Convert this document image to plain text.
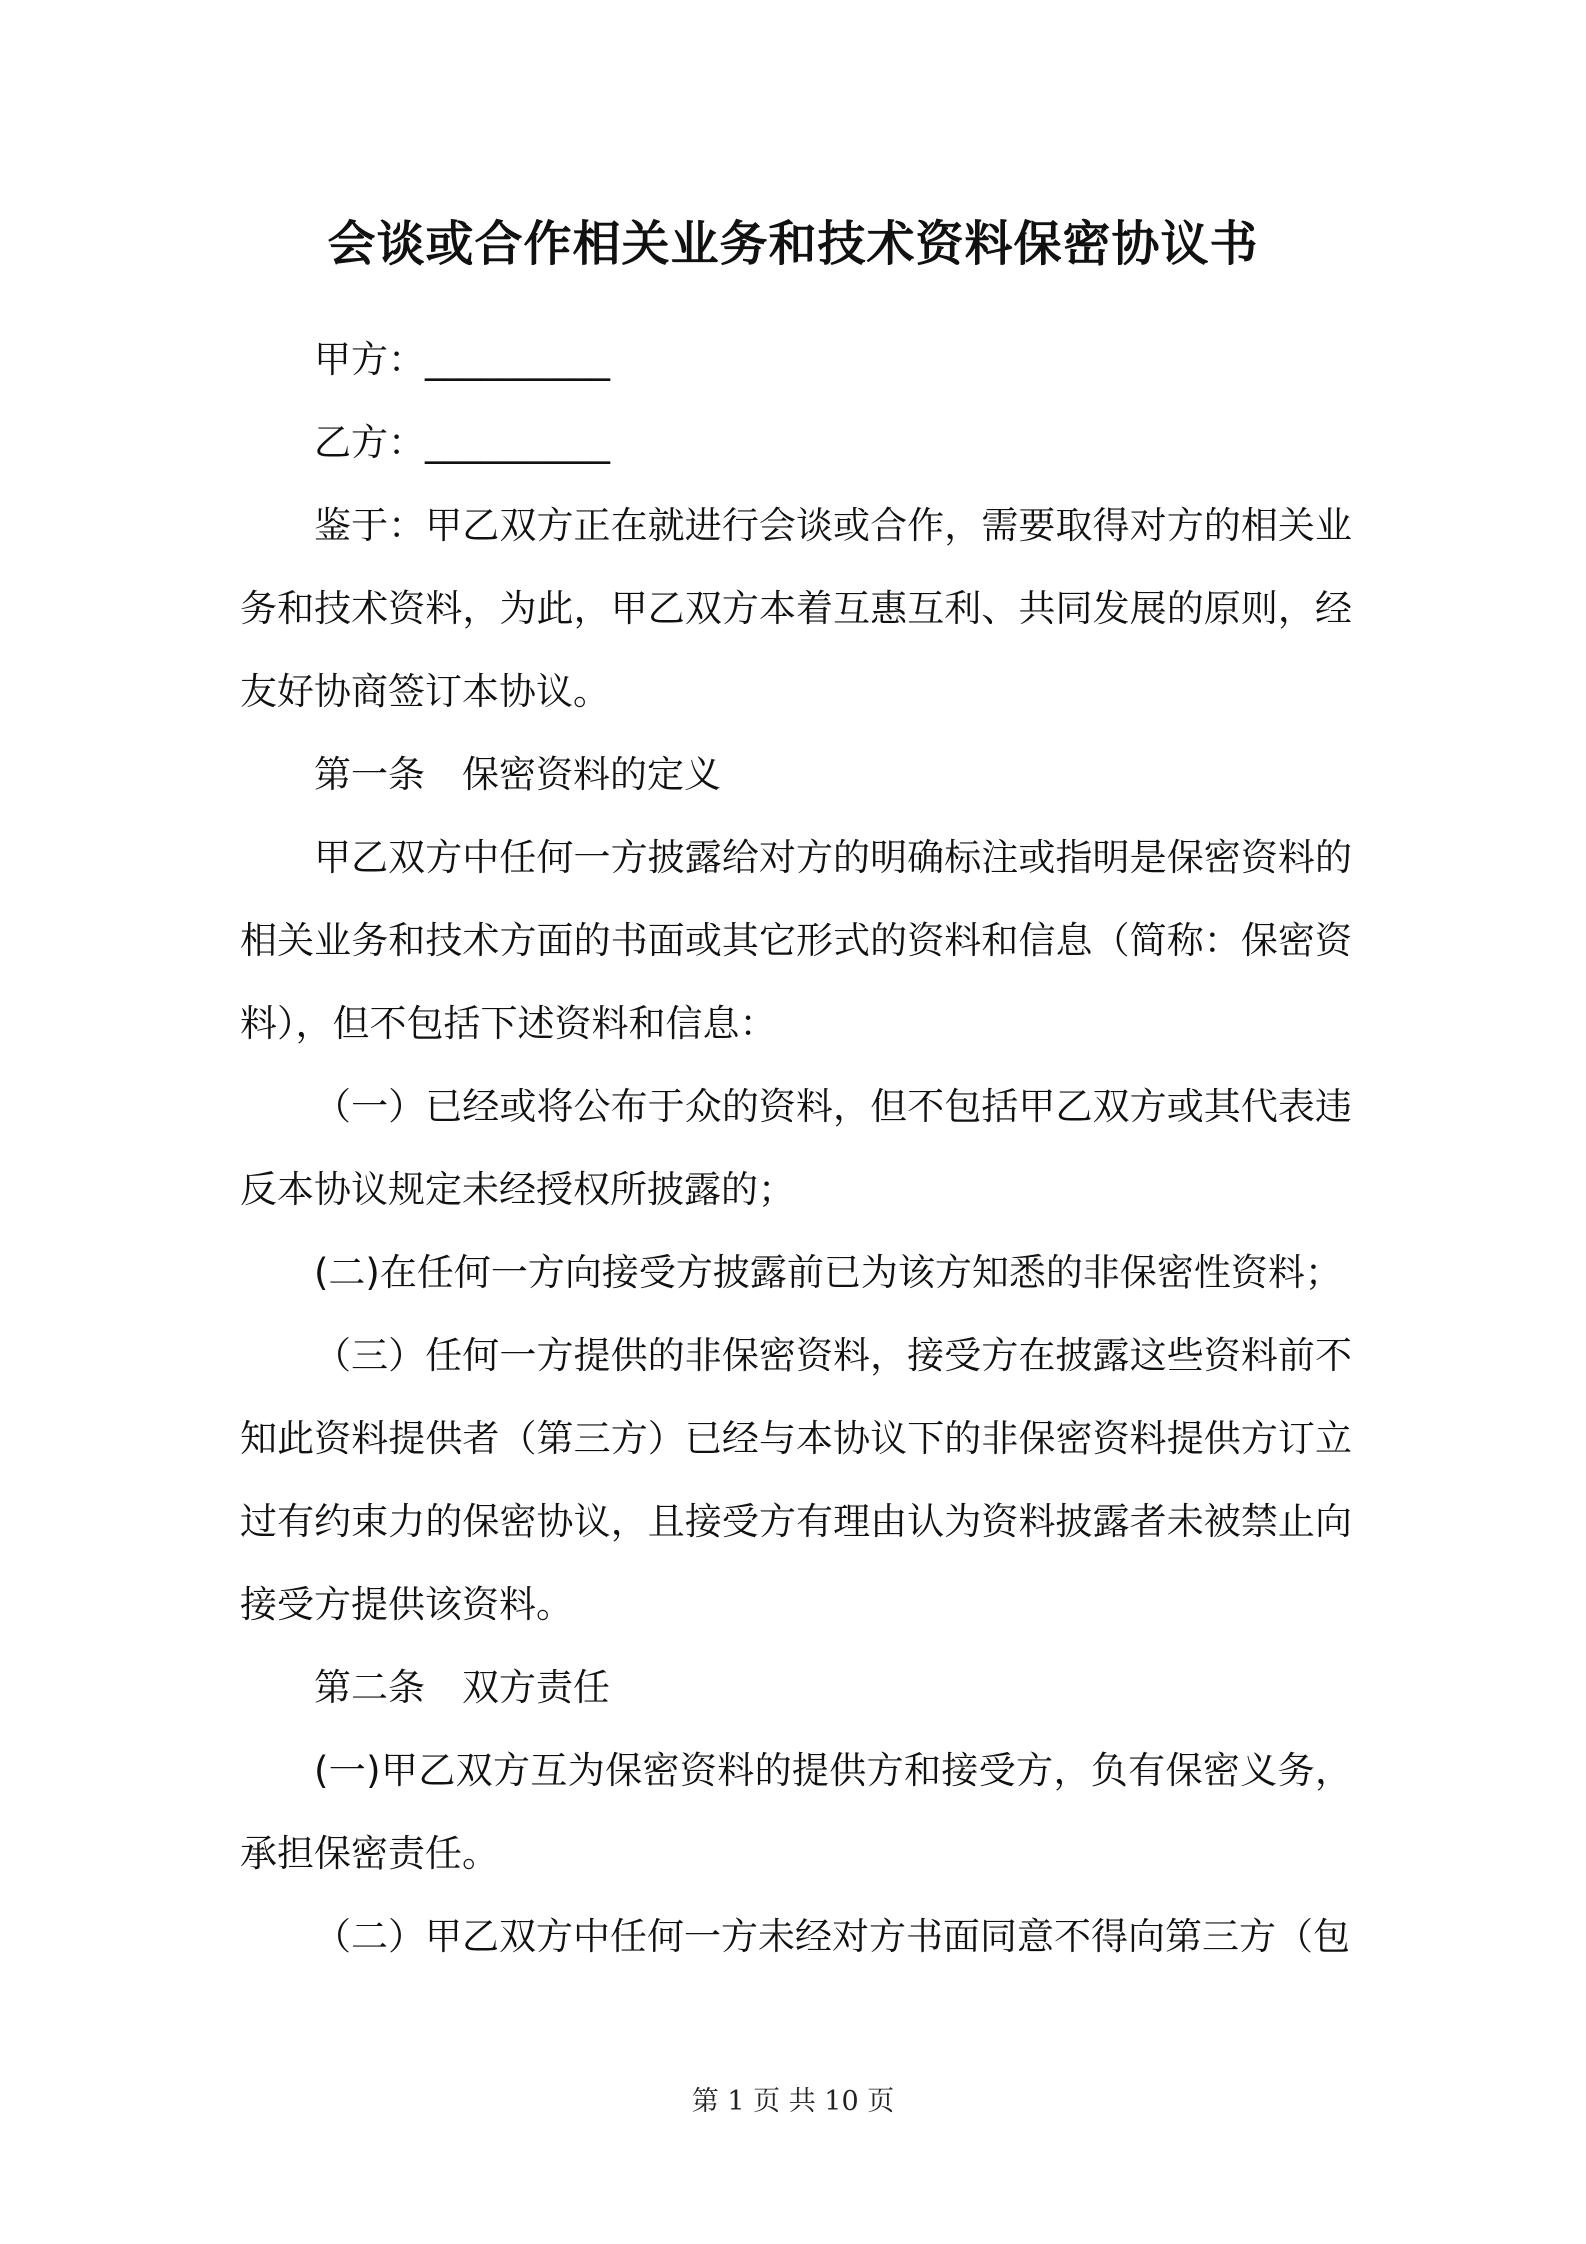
会谈或合作相关业务和技术资料保密协议书

甲方：__________

乙方：__________

鉴于：甲乙双方正在就进行会谈或合作，需要取得对方的相关业务和技术资料，为此，甲乙双方本着互惠互利、共同发展的原则，经友好协商签订本协议。

第一条　保密资料的定义

甲乙双方中任何一方披露给对方的明确标注或指明是保密资料的相关业务和技术方面的书面或其它形式的资料和信息（简称：保密资料），但不包括下述资料和信息：

（一）已经或将公布于众的资料，但不包括甲乙双方或其代表违反本协议规定未经授权所披露的；

(二)在任何一方向接受方披露前已为该方知悉的非保密性资料；

（三）任何一方提供的非保密资料，接受方在披露这些资料前不知此资料提供者（第三方）已经与本协议下的非保密资料提供方订立过有约束力的保密协议，且接受方有理由认为资料披露者未被禁止向接受方提供该资料。

第二条　双方责任

(一)甲乙双方互为保密资料的提供方和接受方，负有保密义务，承担保密责任。

（二）甲乙双方中任何一方未经对方书面同意不得向第三方（包

第 1 页 共 10 页
